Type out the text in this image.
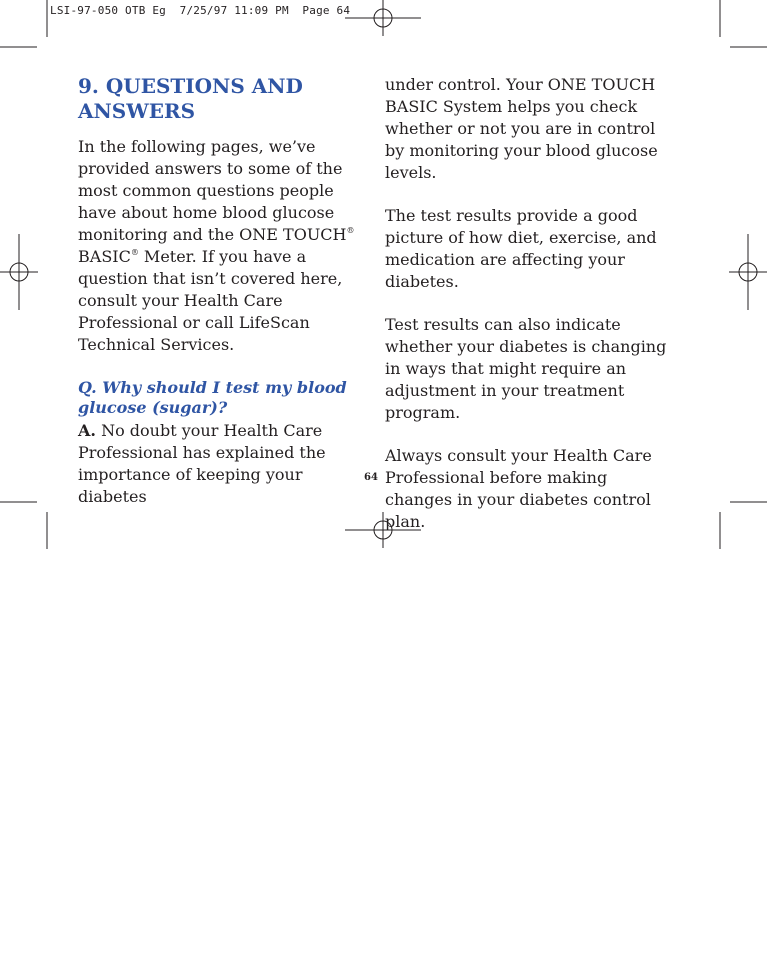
LSI-97-050 OTB Eg  7/25/97 11:09 PM  Page 64
9. QUESTIONS AND ANSWERS

In the following pages, we’ve provided answers to some of the most common questions people have about home blood glucose monitoring and the ONE TOUCH® BASIC® Meter. If you have a question that isn’t covered here, consult your Health Care Professional or call LifeScan Technical Services.

Q. Why should I test my blood glucose (sugar)?

A. No doubt your Health Care Professional has explained the importance of keeping your diabetes

under control. Your ONE TOUCH BASIC System helps you check whether or not you are in control by monitoring your blood glucose levels.

The test results provide a good picture of how diet, exercise, and medication are affecting your diabetes.

Test results can also indicate whether your diabetes is changing in ways that might require an adjustment in your treatment program.

Always consult your Health Care Professional before making changes in your diabetes control plan.

64
